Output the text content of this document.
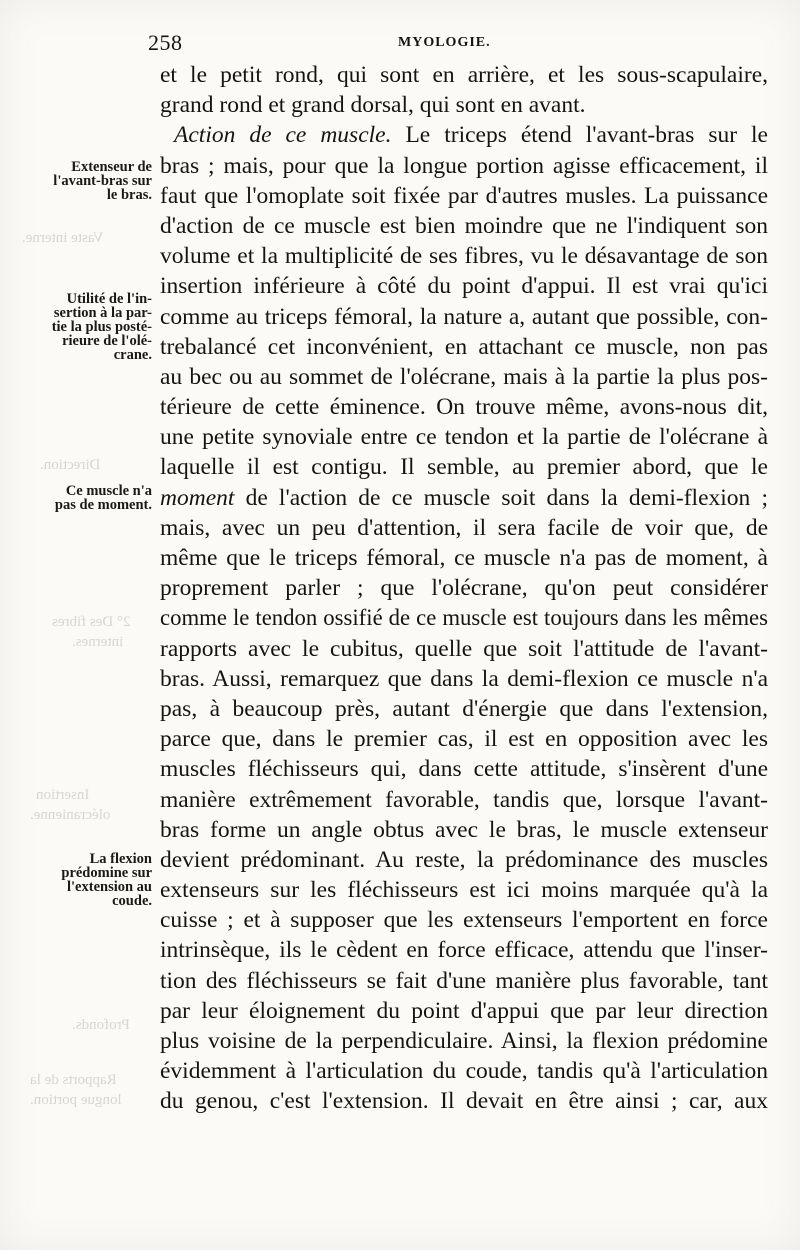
Vaste interne.
Direction.
2° Des fibres
internes.
Insertion
olécranienne.
Profonds.
Rapports de la
longue portion.
258	MYOLOGIE.
Extenseur de
l'avant-bras sur
le bras.
Utilité de l'in-
sertion à la par-
tie la plus posté-
rieure de l'olé-
crane.
Ce muscle n'a
pas de moment.
La flexion
prédomine sur
l'extension au
coude.
et le petit rond, qui sont en arrière, et les sous-scapulaire,
grand rond et grand dorsal, qui sont en avant.
Action de ce muscle. Le triceps étend l'avant-bras sur le
bras ; mais, pour que la longue portion agisse efficacement, il
faut que l'omoplate soit fixée par d'autres musles. La puissance
d'action de ce muscle est bien moindre que ne l'indiquent son
volume et la multiplicité de ses fibres, vu le désavantage de son
insertion inférieure à côté du point d'appui. Il est vrai qu'ici
comme au triceps fémoral, la nature a, autant que possible, con-
trebalancé cet inconvénient, en attachant ce muscle, non pas
au bec ou au sommet de l'olécrane, mais à la partie la plus pos-
térieure de cette éminence. On trouve même, avons-nous dit,
une petite synoviale entre ce tendon et la partie de l'olécrane à
laquelle il est contigu. Il semble, au premier abord, que le
moment de l'action de ce muscle soit dans la demi-flexion ;
mais, avec un peu d'attention, il sera facile de voir que, de
même que le triceps fémoral, ce muscle n'a pas de moment, à
proprement parler ; que l'olécrane, qu'on peut considérer
comme le tendon ossifié de ce muscle est toujours dans les mêmes
rapports avec le cubitus, quelle que soit l'attitude de l'avant-
bras. Aussi, remarquez que dans la demi-flexion ce muscle n'a
pas, à beaucoup près, autant d'énergie que dans l'extension,
parce que, dans le premier cas, il est en opposition avec les
muscles fléchisseurs qui, dans cette attitude, s'insèrent d'une
manière extrêmement favorable, tandis que, lorsque l'avant-
bras forme un angle obtus avec le bras, le muscle extenseur
devient prédominant. Au reste, la prédominance des muscles
extenseurs sur les fléchisseurs est ici moins marquée qu'à la
cuisse ; et à supposer que les extenseurs l'emportent en force
intrinsèque, ils le cèdent en force efficace, attendu que l'inser-
tion des fléchisseurs se fait d'une manière plus favorable, tant
par leur éloignement du point d'appui que par leur direction
plus voisine de la perpendiculaire. Ainsi, la flexion prédomine
évidemment à l'articulation du coude, tandis qu'à l'articulation
du genou, c'est l'extension. Il devait en être ainsi ; car, aux
